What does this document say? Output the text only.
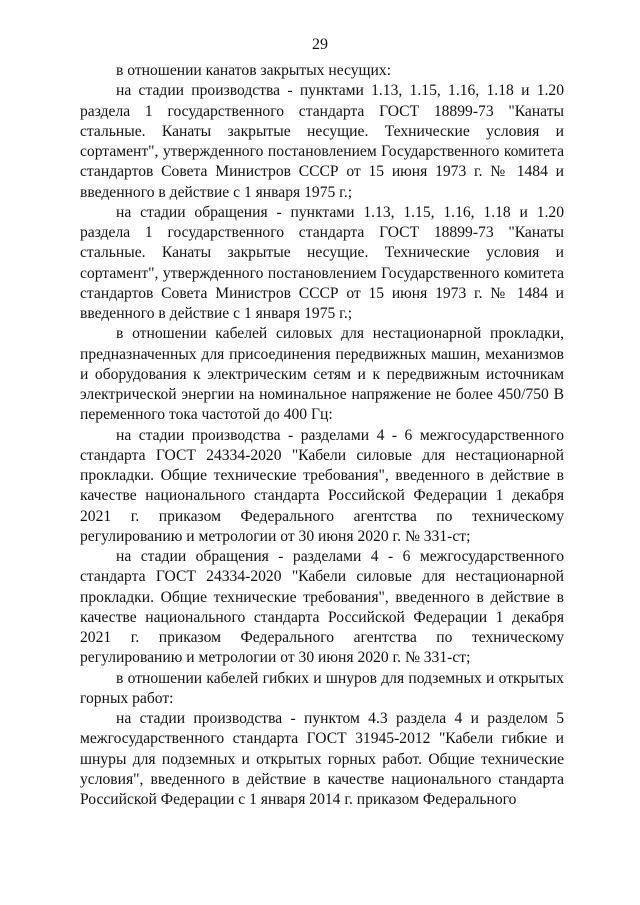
29

в отношении канатов закрытых несущих:

на стадии производства - пунктами 1.13, 1.15, 1.16, 1.18 и 1.20 раздела 1 государственного стандарта ГОСТ 18899-73 "Канаты стальные. Канаты закрытые несущие. Технические условия и сортамент", утвержденного постановлением Государственного комитета стандартов Совета Министров СССР от 15 июня 1973 г. № 1484 и введенного в действие с 1 января 1975 г.;

на стадии обращения - пунктами 1.13, 1.15, 1.16, 1.18 и 1.20 раздела 1 государственного стандарта ГОСТ 18899-73 "Канаты стальные. Канаты закрытые несущие. Технические условия и сортамент", утвержденного постановлением Государственного комитета стандартов Совета Министров СССР от 15 июня 1973 г. № 1484 и введенного в действие с 1 января 1975 г.;

в отношении кабелей силовых для нестационарной прокладки, предназначенных для присоединения передвижных машин, механизмов и оборудования к электрическим сетям и к передвижным источникам электрической энергии на номинальное напряжение не более 450/750 В переменного тока частотой до 400 Гц:

на стадии производства - разделами 4 - 6 межгосударственного стандарта ГОСТ 24334-2020 "Кабели силовые для нестационарной прокладки. Общие технические требования", введенного в действие в качестве национального стандарта Российской Федерации 1 декабря 2021 г. приказом Федерального агентства по техническому регулированию и метрологии от 30 июня 2020 г. № 331-ст;

на стадии обращения - разделами 4 - 6 межгосударственного стандарта ГОСТ 24334-2020 "Кабели силовые для нестационарной прокладки. Общие технические требования", введенного в действие в качестве национального стандарта Российской Федерации 1 декабря 2021 г. приказом Федерального агентства по техническому регулированию и метрологии от 30 июня 2020 г. № 331-ст;

в отношении кабелей гибких и шнуров для подземных и открытых горных работ:

на стадии производства - пунктом 4.3 раздела 4 и разделом 5 межгосударственного стандарта ГОСТ 31945-2012 "Кабели гибкие и шнуры для подземных и открытых горных работ. Общие технические условия", введенного в действие в качестве национального стандарта Российской Федерации с 1 января 2014 г. приказом Федерального
